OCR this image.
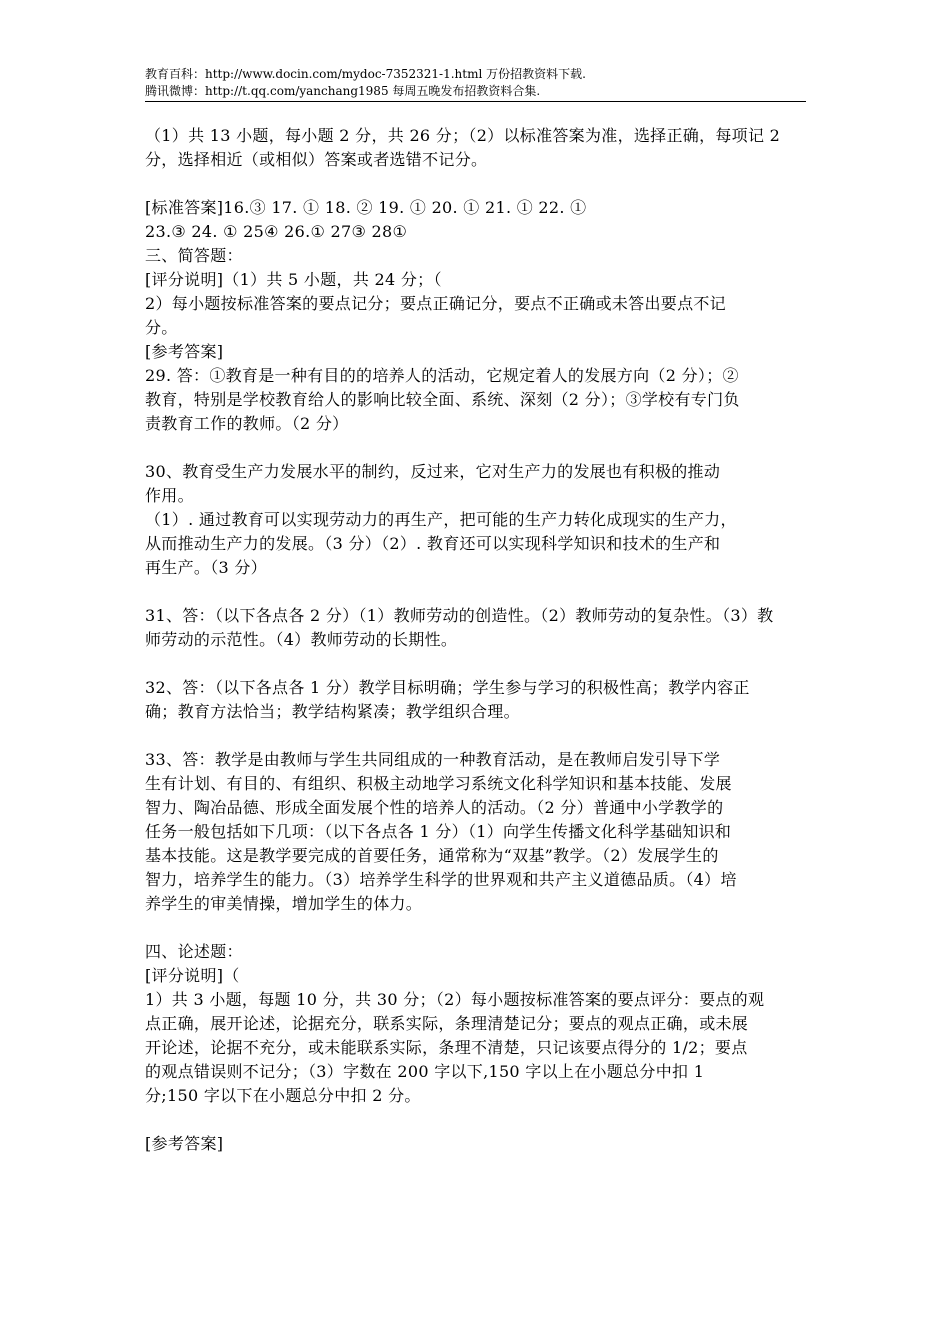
教育百科：http://www.docin.com/mydoc-7352321-1.html 万份招教资料下载.
腾讯微博：http://t.qq.com/yanchang1985 每周五晚发布招教资料合集.

（1）共 13 小题，每小题 2 分，共 26 分；（2）以标准答案为准，选择正确，每项记 2

分，选择相近（或相似）答案或者选错不记分。

[标准答案]16.③ 17. ① 18. ② 19. ① 20. ① 21. ① 22. ①

23.③ 24. ① 25④ 26.① 27③ 28①

三、简答题：

[评分说明]（1）共 5 小题，共 24 分；（

2）每小题按标准答案的要点记分；要点正确记分，要点不正确或未答出要点不记

分。

[参考答案]

29. 答：①教育是一种有目的的培养人的活动，它规定着人的发展方向（2 分）；②

教育，特别是学校教育给人的影响比较全面、系统、深刻（2 分）；③学校有专门负

责教育工作的教师。（2 分）

30、教育受生产力发展水平的制约，反过来，它对生产力的发展也有积极的推动

作用。

（1）. 通过教育可以实现劳动力的再生产，把可能的生产力转化成现实的生产力，

从而推动生产力的发展。（3 分）（2）. 教育还可以实现科学知识和技术的生产和

再生产。（3 分）

31、答：（以下各点各 2 分）（1）教师劳动的创造性。（2）教师劳动的复杂性。（3）教

师劳动的示范性。（4）教师劳动的长期性。

32、答：（以下各点各 1 分）教学目标明确；学生参与学习的积极性高；教学内容正

确；教育方法恰当；教学结构紧凑；教学组织合理。

33、答：教学是由教师与学生共同组成的一种教育活动，是在教师启发引导下学

生有计划、有目的、有组织、积极主动地学习系统文化科学知识和基本技能、发展

智力、陶冶品德、形成全面发展个性的培养人的活动。（2 分）普通中小学教学的

任务一般包括如下几项：（以下各点各 1 分）（1）向学生传播文化科学基础知识和

基本技能。这是教学要完成的首要任务，通常称为“双基”教学。（2）发展学生的

智力，培养学生的能力。（3）培养学生科学的世界观和共产主义道德品质。（4）培

养学生的审美情操，增加学生的体力。

四、论述题：

[评分说明]（

1）共 3 小题，每题 10 分，共 30 分；（2）每小题按标准答案的要点评分：要点的观

点正确，展开论述，论据充分，联系实际，条理清楚记分；要点的观点正确，或未展

开论述，论据不充分，或未能联系实际，条理不清楚，只记该要点得分的 1/2；要点

的观点错误则不记分；（3）字数在 200 字以下,150 字以上在小题总分中扣 1

分;150 字以下在小题总分中扣 2 分。

[参考答案]
